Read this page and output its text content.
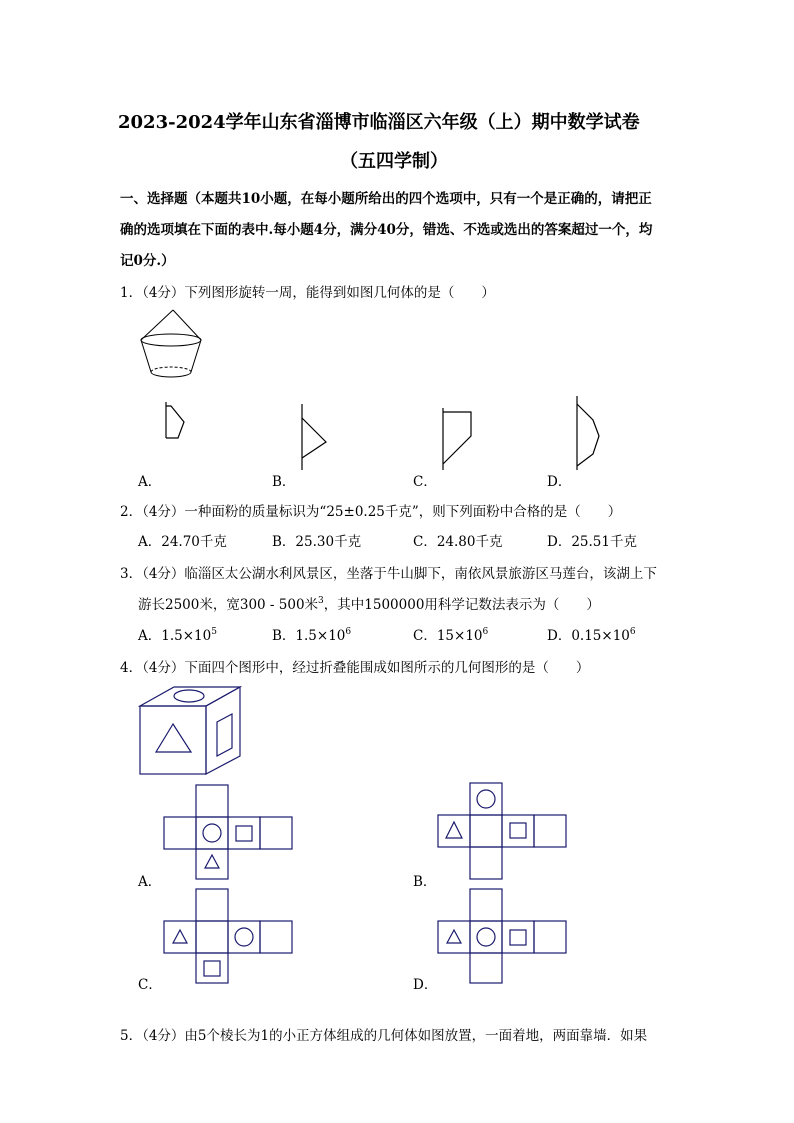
2023-2024学年山东省淄博市临淄区六年级（上）期中数学试卷
（五四学制）
一、选择题（本题共10小题，在每小题所给出的四个选项中，只有一个是正确的，请把正
确的选项填在下面的表中.每小题4分，满分40分，错选、不选或选出的答案超过一个，均
记0分.）
1．（4分）下列图形旋转一周，能得到如图几何体的是（　　）
A．	B．	C．	D．
2．（4分）一种面粉的质量标识为“25±0.25千克”，则下列面粉中合格的是（　　）
A．24.70千克	B．25.30千克	C．24.80千克	D．25.51千克
3．（4分）临淄区太公湖水利风景区，坐落于牛山脚下，南依风景旅游区马莲台，该湖上下
游长2500米，宽300 - 500米$^3$，其中1500000用科学记数法表示为（　　）
A．$1.5\times 10^5$	B．$1.5\times 10^6$	C．$15\times 10^6$	D．$0.15\times 10^6$
4．（4分）下面四个图形中，经过折叠能围成如图所示的几何图形的是（　　）
A．	B．
C．	D．
5．（4分）由5个棱长为1的小正方体组成的几何体如图放置，一面着地，两面靠墙．如果
